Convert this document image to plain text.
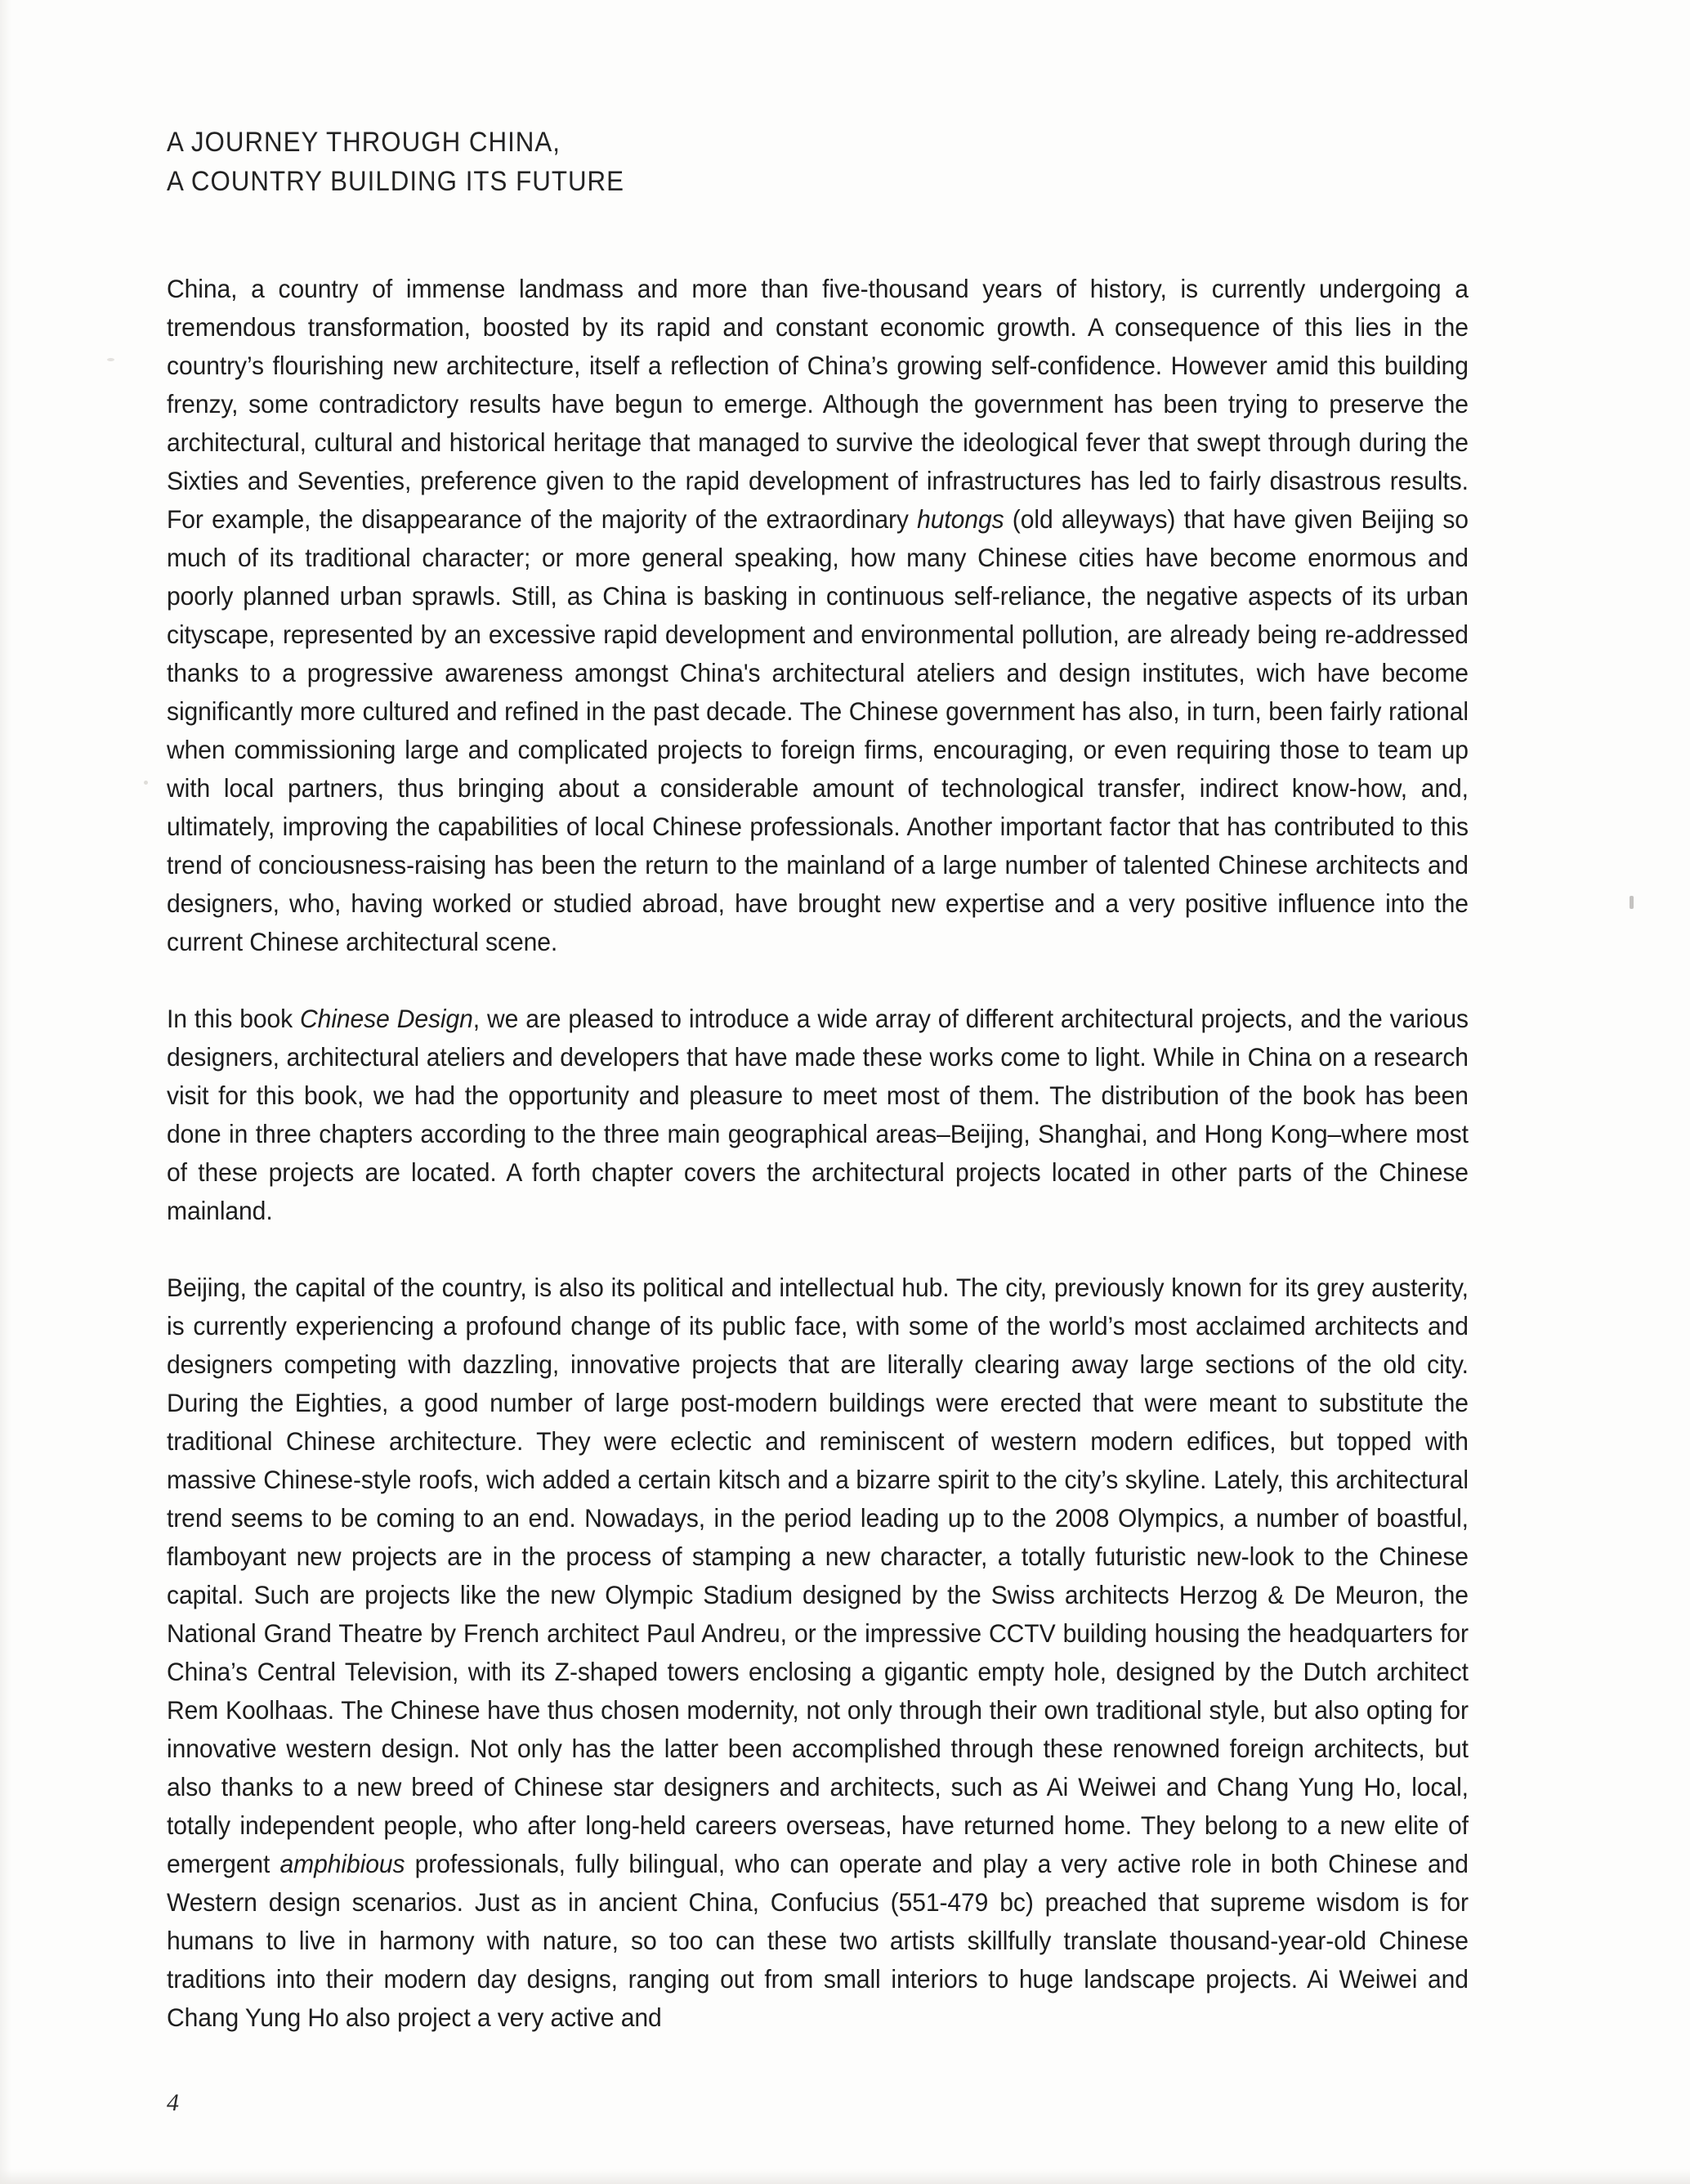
A JOURNEY THROUGH CHINA,
A COUNTRY BUILDING ITS FUTURE

China, a country of immense landmass and more than five-thousand years of history, is currently undergoing a tremendous transformation, boosted by its rapid and constant economic growth. A consequence of this lies in the country’s flourishing new architecture, itself a reflection of China’s growing self-confidence. However amid this building frenzy, some contradictory results have begun to emerge. Although the government has been trying to preserve the architectural, cultural and historical heritage that managed to survive the ideological fever that swept through during the Sixties and Seventies, preference given to the rapid development of infrastructures has led to fairly disastrous results. For example, the disappearance of the majority of the extraordinary hutongs (old alleyways) that have given Beijing so much of its traditional character; or more general speaking, how many Chinese cities have become enormous and poorly planned urban sprawls. Still, as China is basking in continuous self-reliance, the negative aspects of its urban cityscape, represented by an excessive rapid development and environmental pollution, are already being re-addressed thanks to a progressive awareness amongst China's architectural ateliers and design institutes, wich have become significantly more cultured and refined in the past decade. The Chinese government has also, in turn, been fairly rational when commissioning large and complicated projects to foreign firms, encouraging, or even requiring those to team up with local partners, thus bringing about a considerable amount of technological transfer, indirect know-how, and, ultimately, improving the capabilities of local Chinese professionals. Another important factor that has contributed to this trend of conciousness-raising has been the return to the mainland of a large number of talented Chinese architects and designers, who, having worked or studied abroad, have brought new expertise and a very positive influence into the current Chinese architectural scene.

In this book Chinese Design, we are pleased to introduce a wide array of different architectural projects, and the various designers, architectural ateliers and developers that have made these works come to light. While in China on a research visit for this book, we had the opportunity and pleasure to meet most of them. The distribution of the book has been done in three chapters according to the three main geographical areas–Beijing, Shanghai, and Hong Kong–where most of these projects are located. A forth chapter covers the architectural projects located in other parts of the Chinese mainland.

Beijing, the capital of the country, is also its political and intellectual hub. The city, previously known for its grey austerity, is currently experiencing a profound change of its public face, with some of the world’s most acclaimed architects and designers competing with dazzling, innovative projects that are literally clearing away large sections of the old city. During the Eighties, a good number of large post-modern buildings were erected that were meant to substitute the traditional Chinese architecture. They were eclectic and reminiscent of western modern edifices, but topped with massive Chinese-style roofs, wich added a certain kitsch and a bizarre spirit to the city’s skyline. Lately, this architectural trend seems to be coming to an end. Nowadays, in the period leading up to the 2008 Olympics, a number of boastful, flamboyant new projects are in the process of stamping a new character, a totally futuristic new-look to the Chinese capital. Such are projects like the new Olympic Stadium designed by the Swiss architects Herzog & De Meuron, the National Grand Theatre by French architect Paul Andreu, or the impressive CCTV building housing the headquarters for China’s Central Television, with its Z-shaped towers enclosing a gigantic empty hole, designed by the Dutch architect Rem Koolhaas. The Chinese have thus chosen modernity, not only through their own traditional style, but also opting for innovative western design. Not only has the latter been accomplished through these renowned foreign architects, but also thanks to a new breed of Chinese star designers and architects, such as Ai Weiwei and Chang Yung Ho, local, totally independent people, who after long-held careers overseas, have returned home. They belong to a new elite of emergent amphibious professionals, fully bilingual, who can operate and play a very active role in both Chinese and Western design scenarios. Just as in ancient China, Confucius (551-479 bc) preached that supreme wisdom is for humans to live in harmony with nature, so too can these two artists skillfully translate thousand-year-old Chinese traditions into their modern day designs, ranging out from small interiors to huge landscape projects. Ai Weiwei and Chang Yung Ho also project a very active and

4
